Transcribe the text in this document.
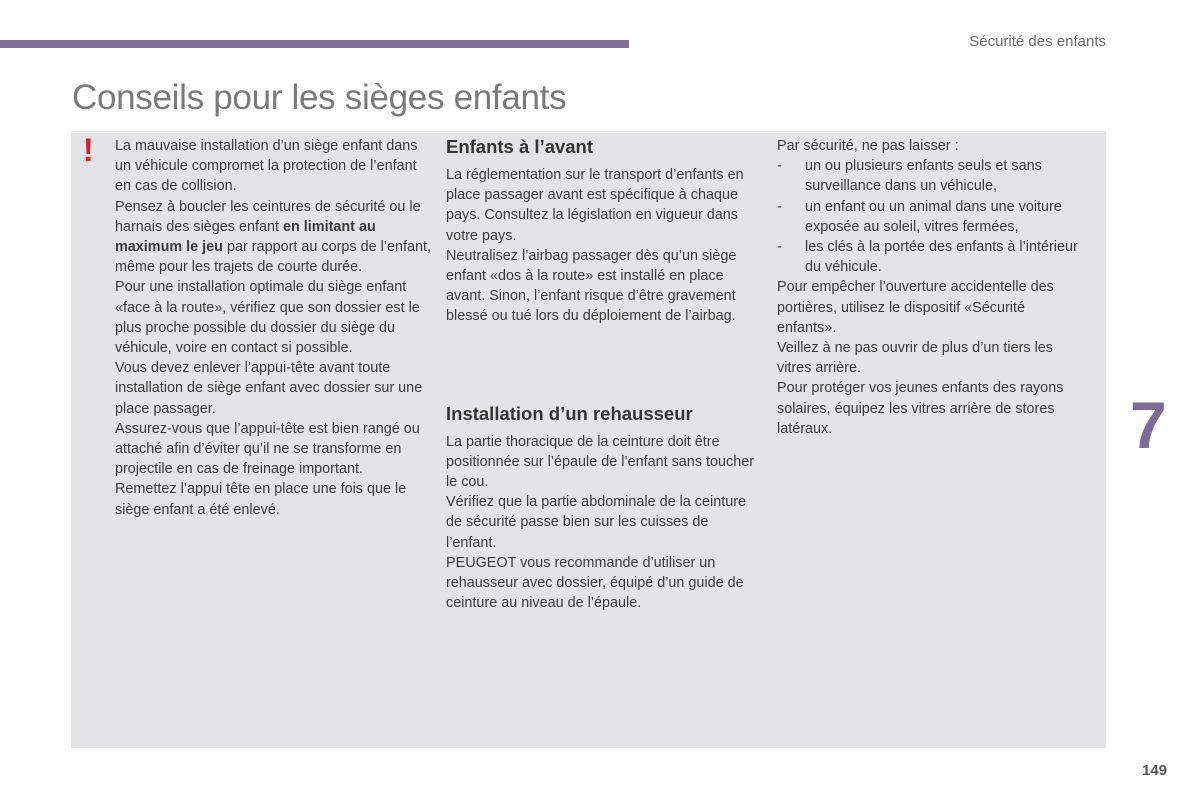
Sécurité des enfants
Conseils pour les sièges enfants
! La mauvaise installation d’un siège enfant dans un véhicule compromet la protection de l’enfant en cas de collision.

Pensez à boucler les ceintures de sécurité ou le harnais des sièges enfant en limitant au maximum le jeu par rapport au corps de l’enfant, même pour les trajets de courte durée.

Pour une installation optimale du siège enfant «face à la route», vérifiez que son dossier est le plus proche possible du dossier du siège du véhicule, voire en contact si possible.

Vous devez enlever l’appui-tête avant toute installation de siège enfant avec dossier sur une place passager.

Assurez-vous que l’appui-tête est bien rangé ou attaché afin d’éviter qu’il ne se transforme en projectile en cas de freinage important.

Remettez l’appui tête en place une fois que le siège enfant a été enlevé.

Enfants à l’avant

La réglementation sur le transport d’enfants en place passager avant est spécifique à chaque pays. Consultez la législation en vigueur dans votre pays.

Neutralisez l’airbag passager dès qu’un siège enfant «dos à la route» est installé en place avant. Sinon, l’enfant risque d’être gravement blessé ou tué lors du déploiement de l’airbag.

Installation d’un rehausseur

La partie thoracique de la ceinture doit être positionnée sur l’épaule de l’enfant sans toucher le cou.

Vérifiez que la partie abdominale de la ceinture de sécurité passe bien sur les cuisses de l’enfant.

PEUGEOT vous recommande d’utiliser un rehausseur avec dossier, équipé d’un guide de ceinture au niveau de l’épaule.

Par sécurité, ne pas laisser :

- un ou plusieurs enfants seuls et sans surveillance dans un véhicule,
- un enfant ou un animal dans une voiture exposée au soleil, vitres fermées,
- les clés à la portée des enfants à l’intérieur du véhicule.

Pour empêcher l’ouverture accidentelle des portières, utilisez le dispositif «Sécurité enfants».

Veillez à ne pas ouvrir de plus d’un tiers les vitres arrière.

Pour protéger vos jeunes enfants des rayons solaires, équipez les vitres arrière de stores latéraux.	7
149
